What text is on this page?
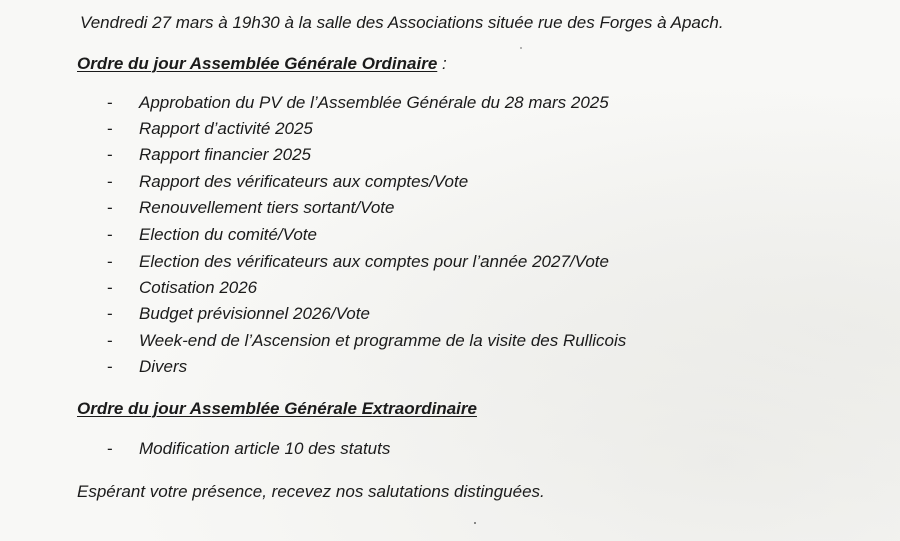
Vendredi 27 mars à 19h30 à la salle des Associations située rue des Forges à Apach.
Ordre du jour Assemblée Générale Ordinaire :
- Approbation du PV de l’Assemblée Générale du 28 mars 2025
- Rapport d’activité 2025
- Rapport financier 2025
- Rapport des vérificateurs aux comptes/Vote
- Renouvellement tiers sortant/Vote
- Election du comité/Vote
- Election des vérificateurs aux comptes pour l’année 2027/Vote
- Cotisation 2026
- Budget prévisionnel 2026/Vote
- Week-end de l’Ascension et programme de la visite des Rullicois
- Divers
Ordre du jour Assemblée Générale Extraordinaire
- Modification article 10 des statuts
Espérant votre présence, recevez nos salutations distinguées.
